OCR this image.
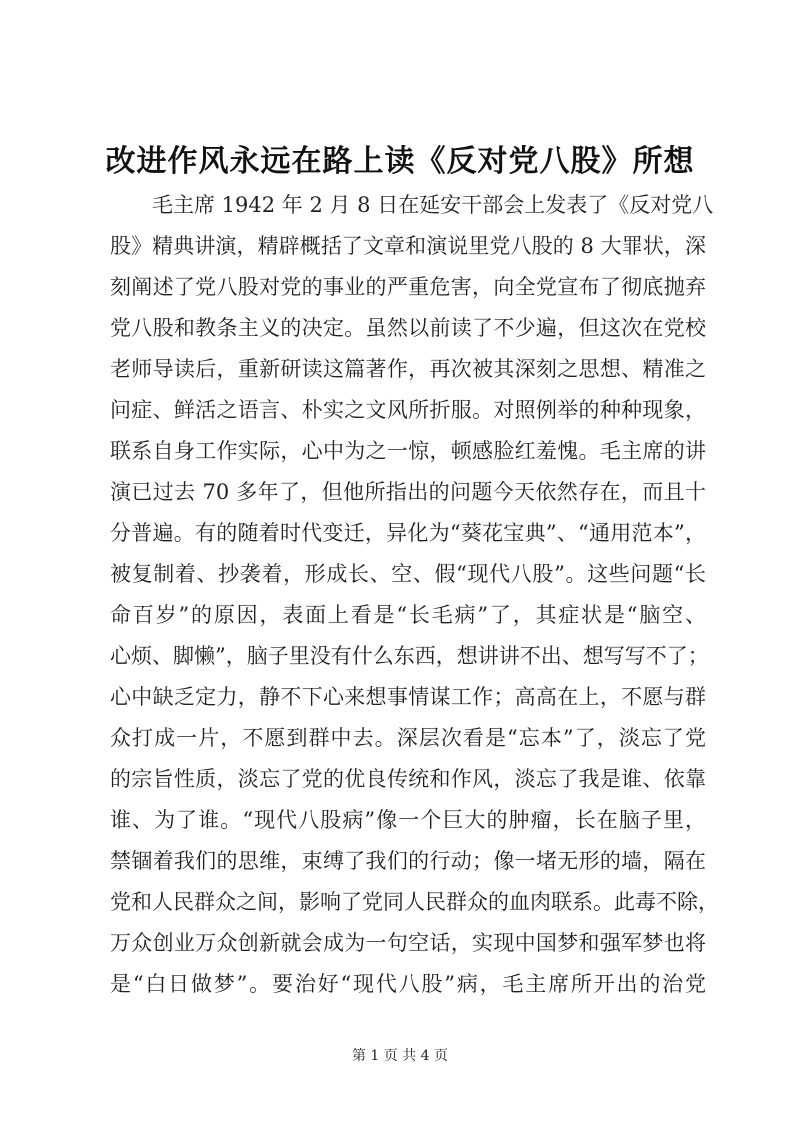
改进作风永远在路上读《反对党八股》所想
毛主席 1942 年 2 月 8 日在延安干部会上发表了《反对党八
股》精典讲演，精辟概括了文章和演说里党八股的 8 大罪状，深
刻阐述了党八股对党的事业的严重危害，向全党宣布了彻底抛弃
党八股和教条主义的决定。虽然以前读了不少遍，但这次在党校
老师导读后，重新研读这篇著作，再次被其深刻之思想、精准之
问症、鲜活之语言、朴实之文风所折服。对照例举的种种现象，
联系自身工作实际，心中为之一惊，顿感脸红羞愧。毛主席的讲
演已过去 70 多年了，但他所指出的问题今天依然存在，而且十
分普遍。有的随着时代变迁，异化为“葵花宝典”、“通用范本”，
被复制着、抄袭着，形成长、空、假“现代八股”。这些问题“长
命百岁”的原因，表面上看是“长毛病”了，其症状是“脑空、
心烦、脚懒”，脑子里没有什么东西，想讲讲不出、想写写不了；
心中缺乏定力，静不下心来想事情谋工作；高高在上，不愿与群
众打成一片，不愿到群中去。深层次看是“忘本”了，淡忘了党
的宗旨性质，淡忘了党的优良传统和作风，淡忘了我是谁、依靠
谁、为了谁。“现代八股病”像一个巨大的肿瘤，长在脑子里，
禁锢着我们的思维，束缚了我们的行动；像一堵无形的墙，隔在
党和人民群众之间，影响了党同人民群众的血肉联系。此毒不除，
万众创业万众创新就会成为一句空话，实现中国梦和强军梦也将
是“白日做梦”。要治好“现代八股”病，毛主席所开出的治党
第 1 页 共 4 页
